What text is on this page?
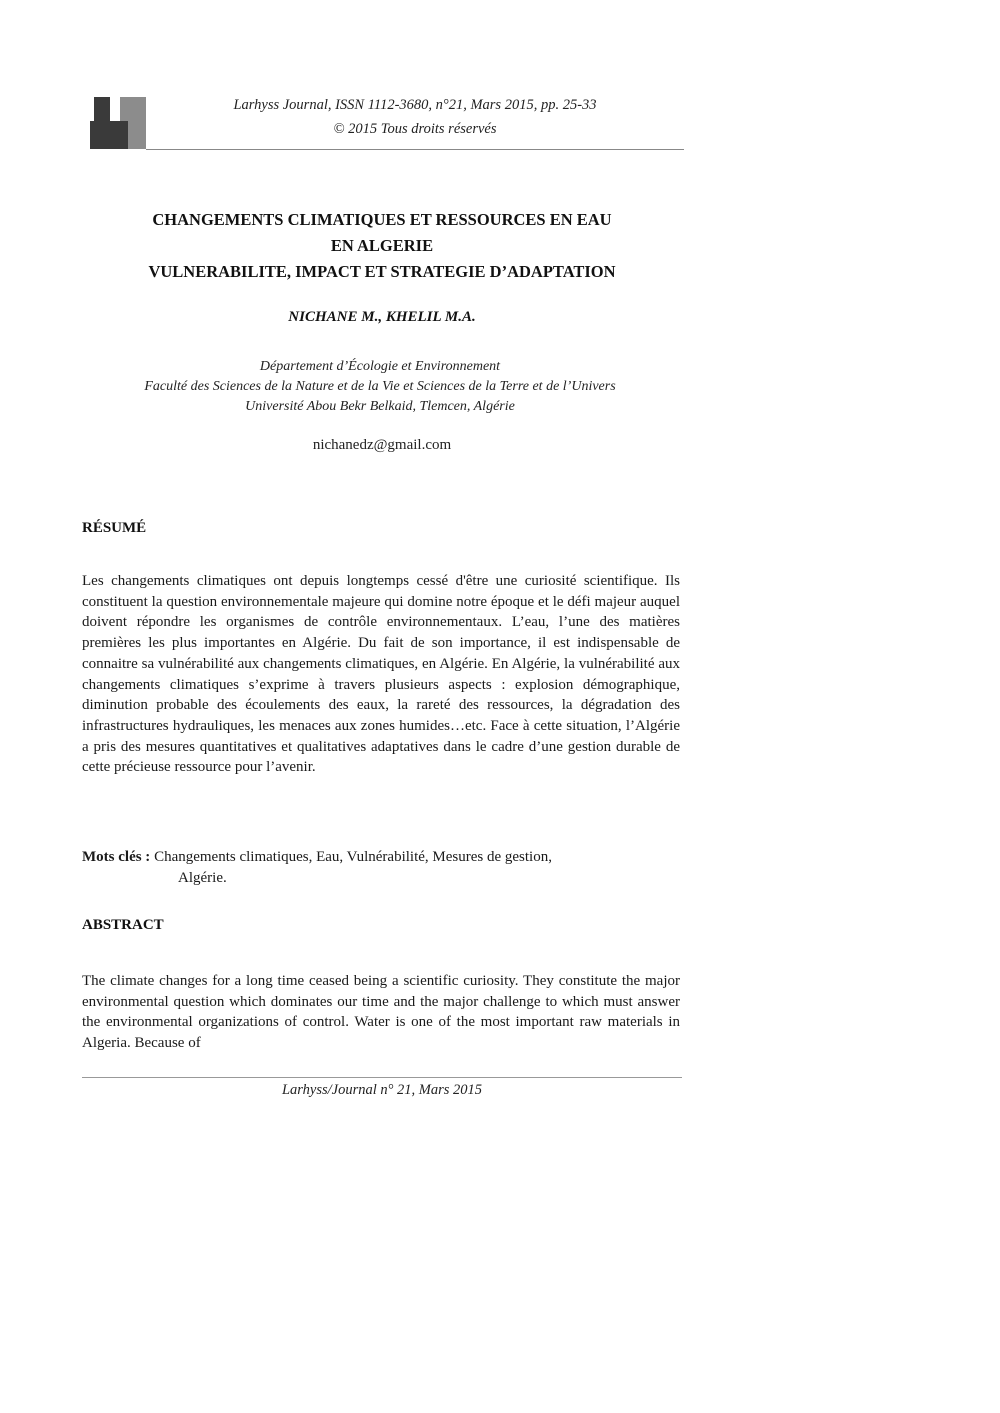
Larhyss Journal, ISSN 1112-3680, n°21, Mars 2015, pp. 25-33
© 2015 Tous droits réservés
CHANGEMENTS CLIMATIQUES ET RESSOURCES EN EAU
EN ALGERIE
VULNERABILITE, IMPACT ET STRATEGIE D’ADAPTATION
NICHANE M., KHELIL M.A.
Département d’Écologie et Environnement
Faculté des Sciences de la Nature et de la Vie et Sciences de la Terre et de l’Univers
Université Abou Bekr Belkaid, Tlemcen, Algérie
nichanedz@gmail.com
RÉSUMÉ
Les changements climatiques ont depuis longtemps cessé d'être une curiosité scientifique. Ils constituent la question environnementale majeure qui domine notre époque et le défi majeur auquel doivent répondre les organismes de contrôle environnementaux. L’eau, l’une des matières premières les plus importantes en Algérie. Du fait de son importance, il est indispensable de connaitre sa vulnérabilité aux changements climatiques, en Algérie. En Algérie, la vulnérabilité aux changements climatiques s’exprime à travers plusieurs aspects : explosion démographique, diminution probable des écoulements des eaux, la rareté des ressources, la dégradation des infrastructures hydrauliques, les menaces aux zones humides…etc. Face à cette situation, l’Algérie a pris des mesures quantitatives et qualitatives adaptatives dans le cadre d’une gestion durable de cette précieuse ressource pour l’avenir.
Mots clés : Changements climatiques, Eau, Vulnérabilité, Mesures de gestion,
Algérie.
ABSTRACT
The climate changes for a long time ceased being a scientific curiosity. They constitute the major environmental question which dominates our time and the major challenge to which must answer the environmental organizations of control. Water is one of the most important raw materials in Algeria. Because of
Larhyss/Journal n° 21, Mars 2015
